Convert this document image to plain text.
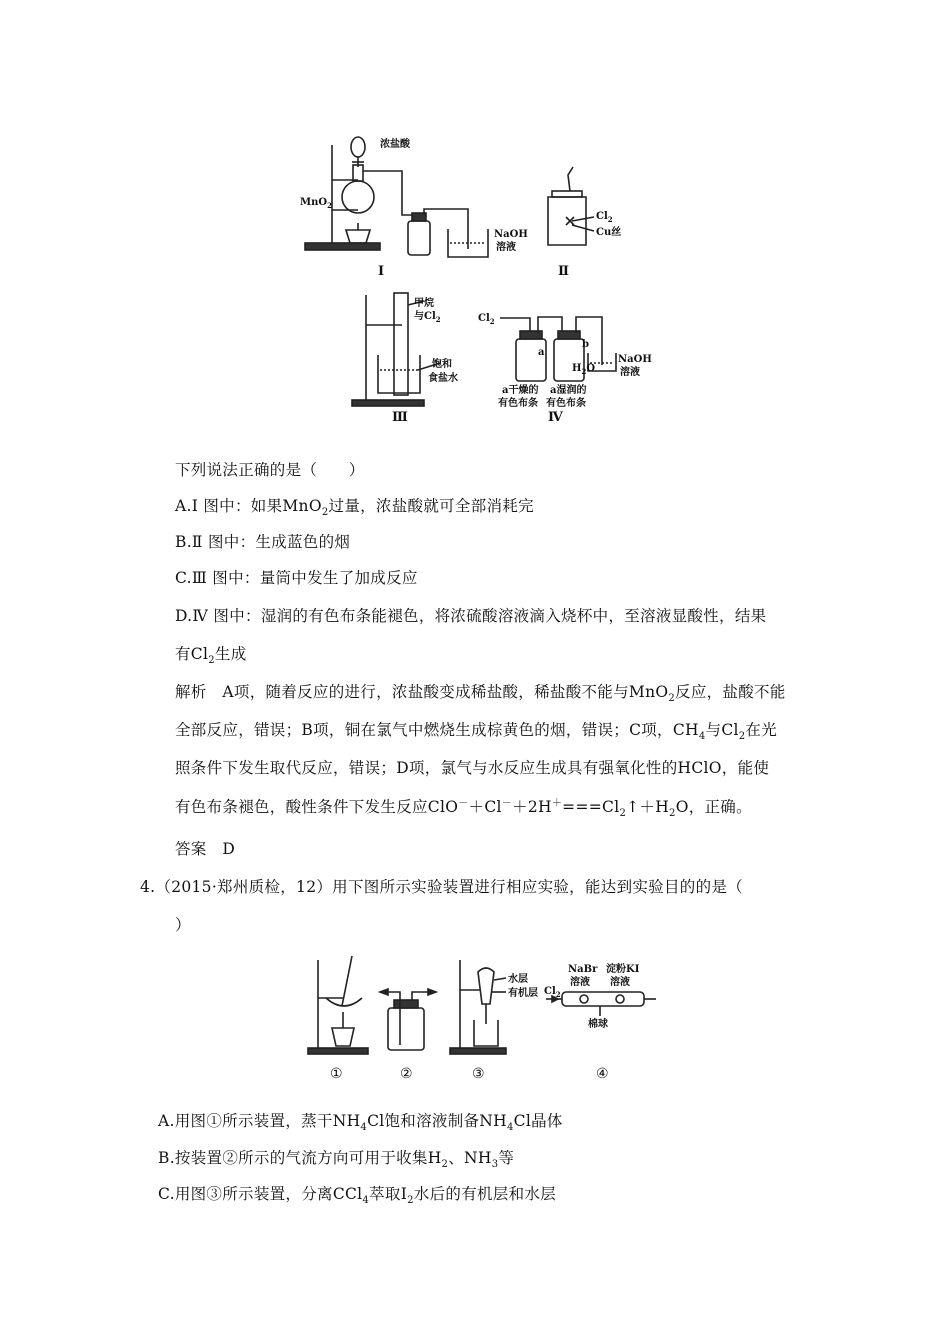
浓盐酸
MnO$_2$
NaOH
溶液
$Cl_2$
Cu丝
甲烷
与$Cl_2$
饱和
食盐水
$Cl_2$
a
b
$H_2O$
a干燥的
有色布条
a湿润的
有色布条
NaOH
溶液
Ⅰ	Ⅱ
Ⅲ	Ⅳ
下列说法正确的是（　　）
A.Ⅰ 图中：如果MnO$_2$过量，浓盐酸就可全部消耗完
B.Ⅱ 图中：生成蓝色的烟
C.Ⅲ 图中：量筒中发生了加成反应
D.Ⅳ 图中：湿润的有色布条能褪色，将浓硫酸溶液滴入烧杯中，至溶液显酸性，结果
有$Cl_2$生成
解析　A项，随着反应的进行，浓盐酸变成稀盐酸，稀盐酸不能与MnO$_2$反应，盐酸不能
全部反应，错误；B项，铜在氯气中燃烧生成棕黄色的烟，错误；C项，$CH_4$与$Cl_2$在光
照条件下发生取代反应，错误；D项，氯气与水反应生成具有强氧化性的HClO，能使
有色布条褪色，酸性条件下发生反应$ClO^-+Cl^-+2H^+===Cl_2↑+H_2O$，正确。
答案　D
4.（2015·郑州质检，12）用下图所示实验装置进行相应实验，能达到实验目的的是（
）
水层
有机层
NaBr
溶液
淀粉KI
溶液
$Cl_2$
棉球
①	②	③	④
A.用图①所示装置，蒸干$NH_4Cl$饱和溶液制备$NH_4Cl$晶体
B.按装置②所示的气流方向可用于收集$H_2$、$NH_3$等
C.用图③所示装置，分离CCl$_4$萃取$I_2$水后的有机层和水层
